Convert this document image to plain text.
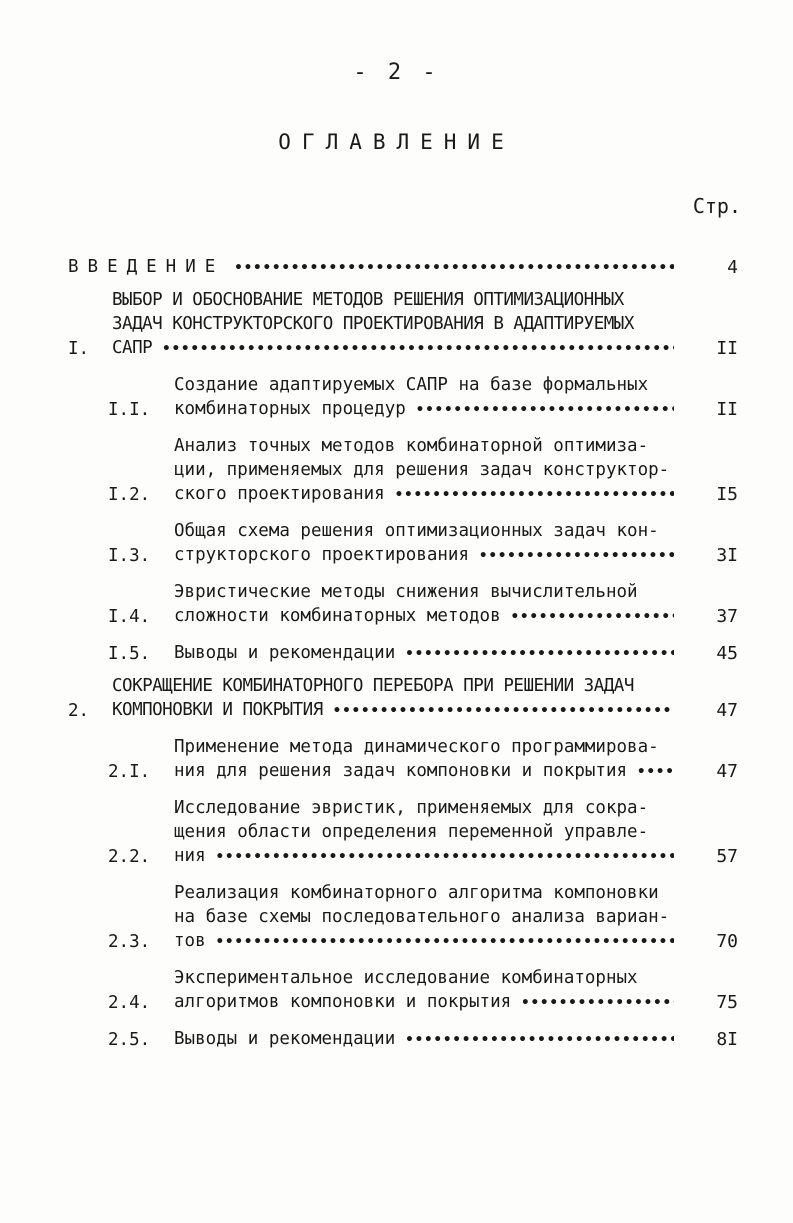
- 2 -
ОГЛАВЛЕНИЕ
Стр.
ВВЕДЕНИЕ •••••	4
I.
ВЫБОР И ОБОСНОВАНИЕ МЕТОДОВ РЕШЕНИЯ ОПТИМИЗАЦИОННЫХ
ЗАДАЧ КОНСТРУКТОРСКОГО ПРОЕКТИРОВАНИЯ В АДАПТИРУЕМЫХ
САПР •••••	II
I.I.
Создание адаптируемых САПР на базе формальных
комбинаторных процедур •••••	II
I.2.
Анализ точных методов комбинаторной оптимиза-
ции, применяемых для решения задач конструктор-
ского проектирования •••••	I5
I.3.
Общая схема решения оптимизационных задач кон-
структорского проектирования •••••	3I
I.4.
Эвристические методы снижения вычислительной
сложности комбинаторных методов •••••	37
I.5.	Выводы и рекомендации •••••	45
2.
СОКРАЩЕНИЕ КОМБИНАТОРНОГО ПЕРЕБОРА ПРИ РЕШЕНИИ ЗАДАЧ
КОМПОНОВКИ И ПОКРЫТИЯ •••••	47
2.I.
Применение метода динамического программирова-
ния для решения задач компоновки и покрытия •••••	47
2.2.
Исследование эвристик, применяемых для сокра-
щения области определения переменной управле-
ния •••••	57
2.3.
Реализация комбинаторного алгоритма компоновки
на базе схемы последовательного анализа вариан-
тов •••••	70
2.4.
Экспериментальное исследование комбинаторных
алгоритмов компоновки и покрытия •••••	75
2.5.	Выводы и рекомендации •••••	8I
